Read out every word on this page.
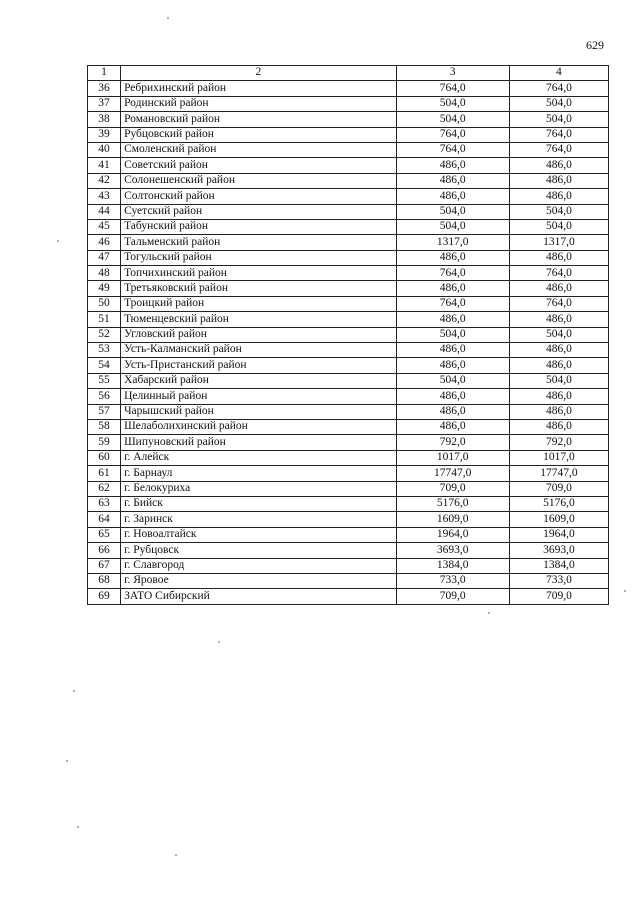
629
1	2	3	4
36	Ребрихинский район	764,0	764,0
37	Родинский район	504,0	504,0
38	Романовский район	504,0	504,0
39	Рубцовский район	764,0	764,0
40	Смоленский район	764,0	764,0
41	Советский район	486,0	486,0
42	Солонешенский район	486,0	486,0
43	Солтонский район	486,0	486,0
44	Суетский район	504,0	504,0
45	Табунский район	504,0	504,0
46	Тальменский район	1317,0	1317,0
47	Тогульский район	486,0	486,0
48	Топчихинский район	764,0	764,0
49	Третьяковский район	486,0	486,0
50	Троицкий район	764,0	764,0
51	Тюменцевский район	486,0	486,0
52	Угловский район	504,0	504,0
53	Усть-Калманский район	486,0	486,0
54	Усть-Пристанский район	486,0	486,0
55	Хабарский район	504,0	504,0
56	Целинный район	486,0	486,0
57	Чарышский район	486,0	486,0
58	Шелаболихинский район	486,0	486,0
59	Шипуновский район	792,0	792,0
60	г. Алейск	1017,0	1017,0
61	г. Барнаул	17747,0	17747,0
62	г. Белокуриха	709,0	709,0
63	г. Бийск	5176,0	5176,0
64	г. Заринск	1609,0	1609,0
65	г. Новоалтайск	1964,0	1964,0
66	г. Рубцовск	3693,0	3693,0
67	г. Славгород	1384,0	1384,0
68	г. Яровое	733,0	733,0
69	ЗАТО Сибирский	709,0	709,0
